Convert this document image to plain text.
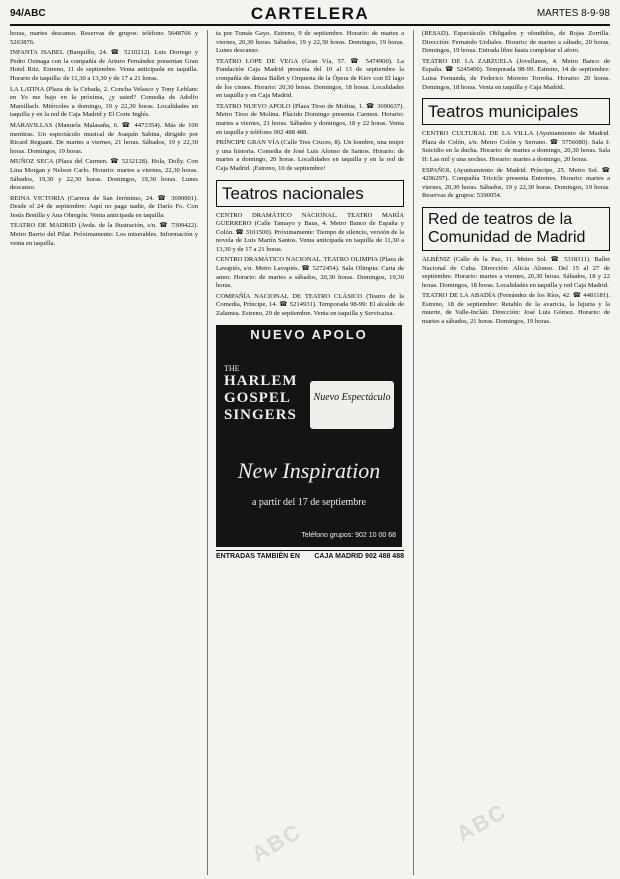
94/ABC	CARTELERA	MARTES 8-9-98

horas, martes descanso. Reservas de grupos: teléfono 5648766 y 5263876.

INFANTA ISABEL (Barquillo, 24. ☎ 5210212). Luis Dorrego y Pedro Osinaga con la compañía de Arturo Fernández presentan Gran Hotel Ritz. Estreno, 11 de septiembre. Venta anticipada en taquilla. Horario de taquilla: de 11,30 a 13,30 y de 17 a 21 horas.

LA LATINA (Plaza de la Cebada, 2. Concha Velasco y Tony Leblanc en Yo me bajo en la próxima, ¿y usted? Comedia de Adolfo Marsillach. Miércoles a domingo, 19 y 22,30 horas. Localidades en taquilla y en la red de Caja Madrid y El Corte Inglés.

MARAVILLAS (Manuela Malasaña, 6. ☎ 4473354). Más de 100 mentiras. Un espectáculo musical de Joaquín Sabina, dirigido por Ricard Reguant. De martes a viernes, 21 horas. Sábados, 19 y 22,30 horas. Domingos, 19 horas.

MUÑOZ SECA (Plaza del Carmen. ☎ 5232128). Hola, Dolly. Con Lina Morgan y Nelson Carlo. Horario: martes a viernes, 22,30 horas. Sábados, 19,30 y 22,30 horas. Domingos, 19,30 horas. Lunes descanso.

REINA VICTORIA (Carrera de San Jerónimo, 24. ☎ 3690001). Desde el 24 de septiembre: Aquí no paga nadie, de Darío Fo. Con Jesús Bonilla y Ana Obregón. Venta anticipada en taquilla.

TEATRO DE MADRID (Avda. de la Ilustración, s/n. ☎ 7309422). Metro Barrio del Pilar. Próximamente: Los miserables. Información y venta en taquilla.

ta por Tomás Gayo. Estreno, 9 de septiembre. Horario: de martes a viernes, 20,30 horas. Sábados, 19 y 22,30 horas. Domingos, 19 horas. Lunes descanso.

TEATRO LOPE DE VEGA (Gran Vía, 57. ☎ 5474900). La Fundación Caja Madrid presenta del 10 al 13 de septiembre la compañía de danza Ballet y Orquesta de la Ópera de Kiev con El lago de los cisnes. Horario: 20,30 horas. Domingos, 18 horas. Localidades en taquilla y en Caja Madrid.

TEATRO NUEVO APOLO (Plaza Tirso de Molina, 1. ☎ 3690637). Metro Tirso de Molina. Plácido Domingo presenta Carmen. Horario: martes a viernes, 21 horas. Sábados y domingos, 18 y 22 horas. Venta en taquilla y teléfono 902 488 488.

PRÍNCIPE GRAN VÍA (Calle Tres Cruces, 8). Un hombre, una mujer y una historia. Comedia de José Luis Alonso de Santos. Horario: de martes a domingo, 20 horas. Localidades en taquilla y en la red de Caja Madrid. ¡Estreno, 10 de septiembre!

Teatros nacionales

CENTRO DRAMÁTICO NACIONAL. TEATRO MARÍA GUERRERO (Calle Tamayo y Baus, 4. Metro Banco de España y Colón. ☎ 3101500). Próximamente: Tiempo de silencio, versión de la novela de Luis Martín Santos. Venta anticipada en taquilla de 11,30 a 13,30 y de 17 a 21 horas.

CENTRO DRAMÁTICO NACIONAL. TEATRO OLIMPIA (Plaza de Lavapiés, s/n. Metro Lavapiés. ☎ 5272454). Sala Olimpia: Carta de amor. Horario: de martes a sábados, 20,30 horas. Domingos, 19,30 horas.

COMPAÑÍA NACIONAL DE TEATRO CLÁSICO (Teatro de la Comedia, Príncipe, 14. ☎ 5214931). Temporada 98-99: El alcalde de Zalamea. Estreno, 29 de septiembre. Venta en taquilla y Servicaixa.

NUEVO APOLO
THE
HARLEM GOSPEL SINGERS
Nuevo Espectáculo
New Inspiration
a partir del 17 de septiembre
Teléfono grupos: 902 10 00 68
ENTRADAS TAMBIÉN EN CAJA MADRID 902 488 488

(RESAD). Espectáculo Obligados y ofendidos, de Rojas Zorrilla. Dirección: Fernando Urdiales. Horario: de martes a sábado, 20 horas. Domingos, 19 horas. Entrada libre hasta completar el aforo.

TEATRO DE LA ZARZUELA (Jovellanos, 4. Metro Banco de España. ☎ 5245400). Temporada 98-99. Estreno, 14 de septiembre: Luisa Fernanda, de Federico Moreno Torroba. Horario: 20 horas. Domingos, 18 horas. Venta en taquilla y Caja Madrid.

Teatros municipales

CENTRO CULTURAL DE LA VILLA (Ayuntamiento de Madrid. Plaza de Colón, s/n. Metro Colón y Serrano. ☎ 5756080). Sala I: Suicidio en la ducha. Horario: de martes a domingo, 20,30 horas. Sala II: Las mil y una noches. Horario: martes a domingo, 20 horas.

ESPAÑOL (Ayuntamiento de Madrid. Príncipe, 25. Metro Sol. ☎ 4296297). Compañía Tricicle presenta Entretres. Horario: martes a viernes, 20,30 horas. Sábados, 19 y 22,30 horas. Domingos, 19 horas. Reservas de grupos: 5390054.

Red de teatros de la Comunidad de Madrid

ALBÉNIZ (Calle de la Paz, 11. Metro Sol. ☎ 5318311). Ballet Nacional de Cuba. Dirección: Alicia Alonso. Del 15 al 27 de septiembre. Horario: martes a viernes, 20,30 horas. Sábados, 18 y 22 horas. Domingos, 18 horas. Localidades en taquilla y red Caja Madrid.

TEATRO DE LA ABADÍA (Fernández de los Ríos, 42. ☎ 4481181). Estreno, 18 de septiembre: Retablo de la avaricia, la lujuria y la muerte, de Valle-Inclán. Dirección: José Luis Gómez. Horario: de martes a sábados, 21 horas. Domingos, 19 horas.

ABC	ABC
